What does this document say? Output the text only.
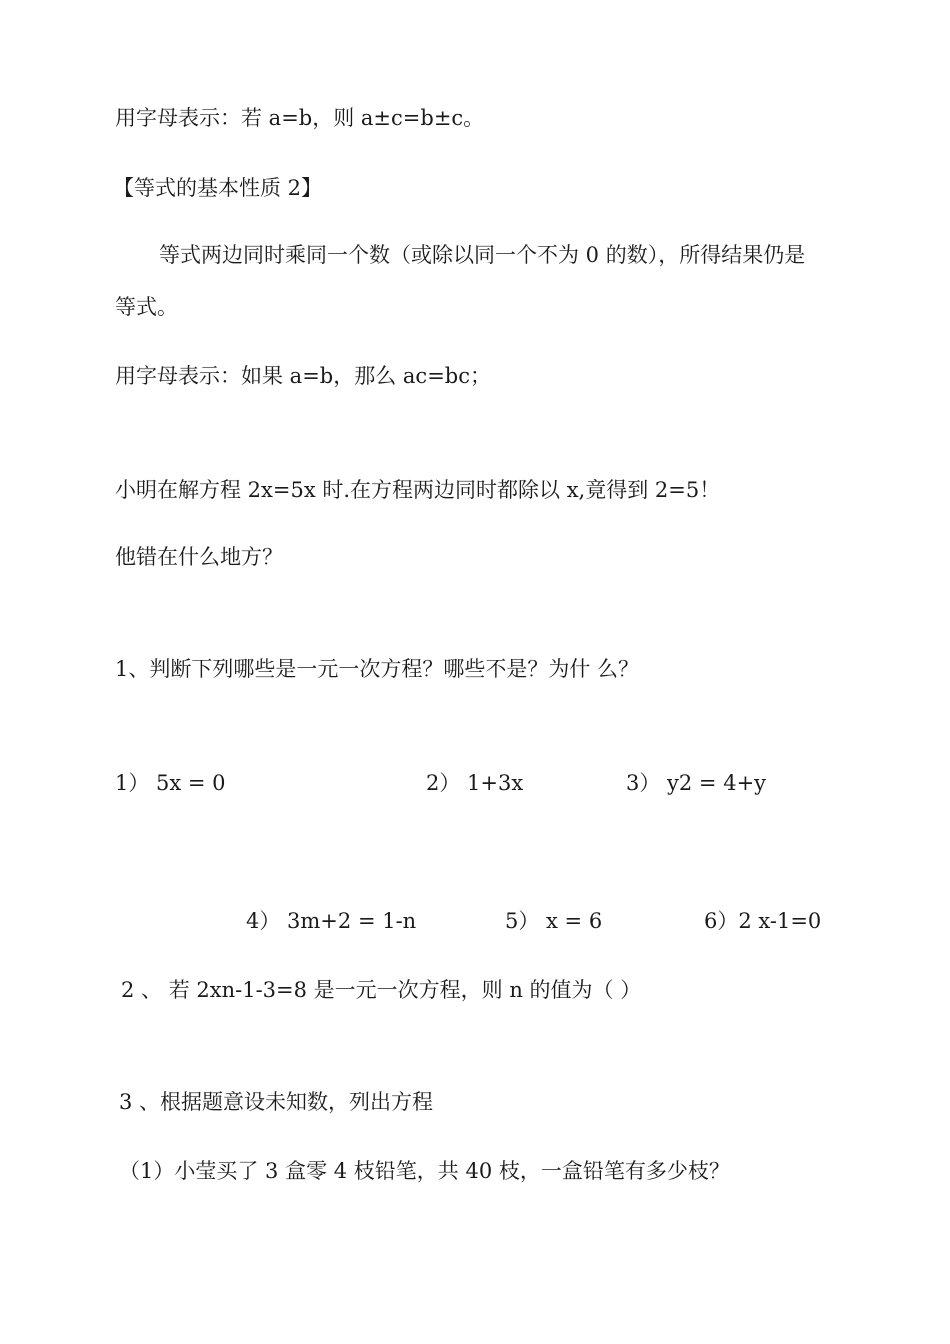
用字母表示：若 a=b，则 a±c=b±c。
【等式的基本性质 2】
等式两边同时乘同一个数（或除以同一个不为 0 的数），所得结果仍是
等式。
用字母表示：如果 a=b，那么 ac=bc；
小明在解方程 2x=5x 时.在方程两边同时都除以 x,竟得到 2=5！
他错在什么地方？
1、判断下列哪些是一元一次方程？哪些不是？为什 么？
1） 5x = 0	2） 1+3x	3） y2 = 4+y
4） 3m+2 = 1-n	5） x = 6	6）2 x-1=0
2 、 若 2xn-1-3=8 是一元一次方程，则 n 的值为（ ）
3 、根据题意设未知数，列出方程
（1）小莹买了 3 盒零 4 枝铅笔，共 40 枝，一盒铅笔有多少枝？
